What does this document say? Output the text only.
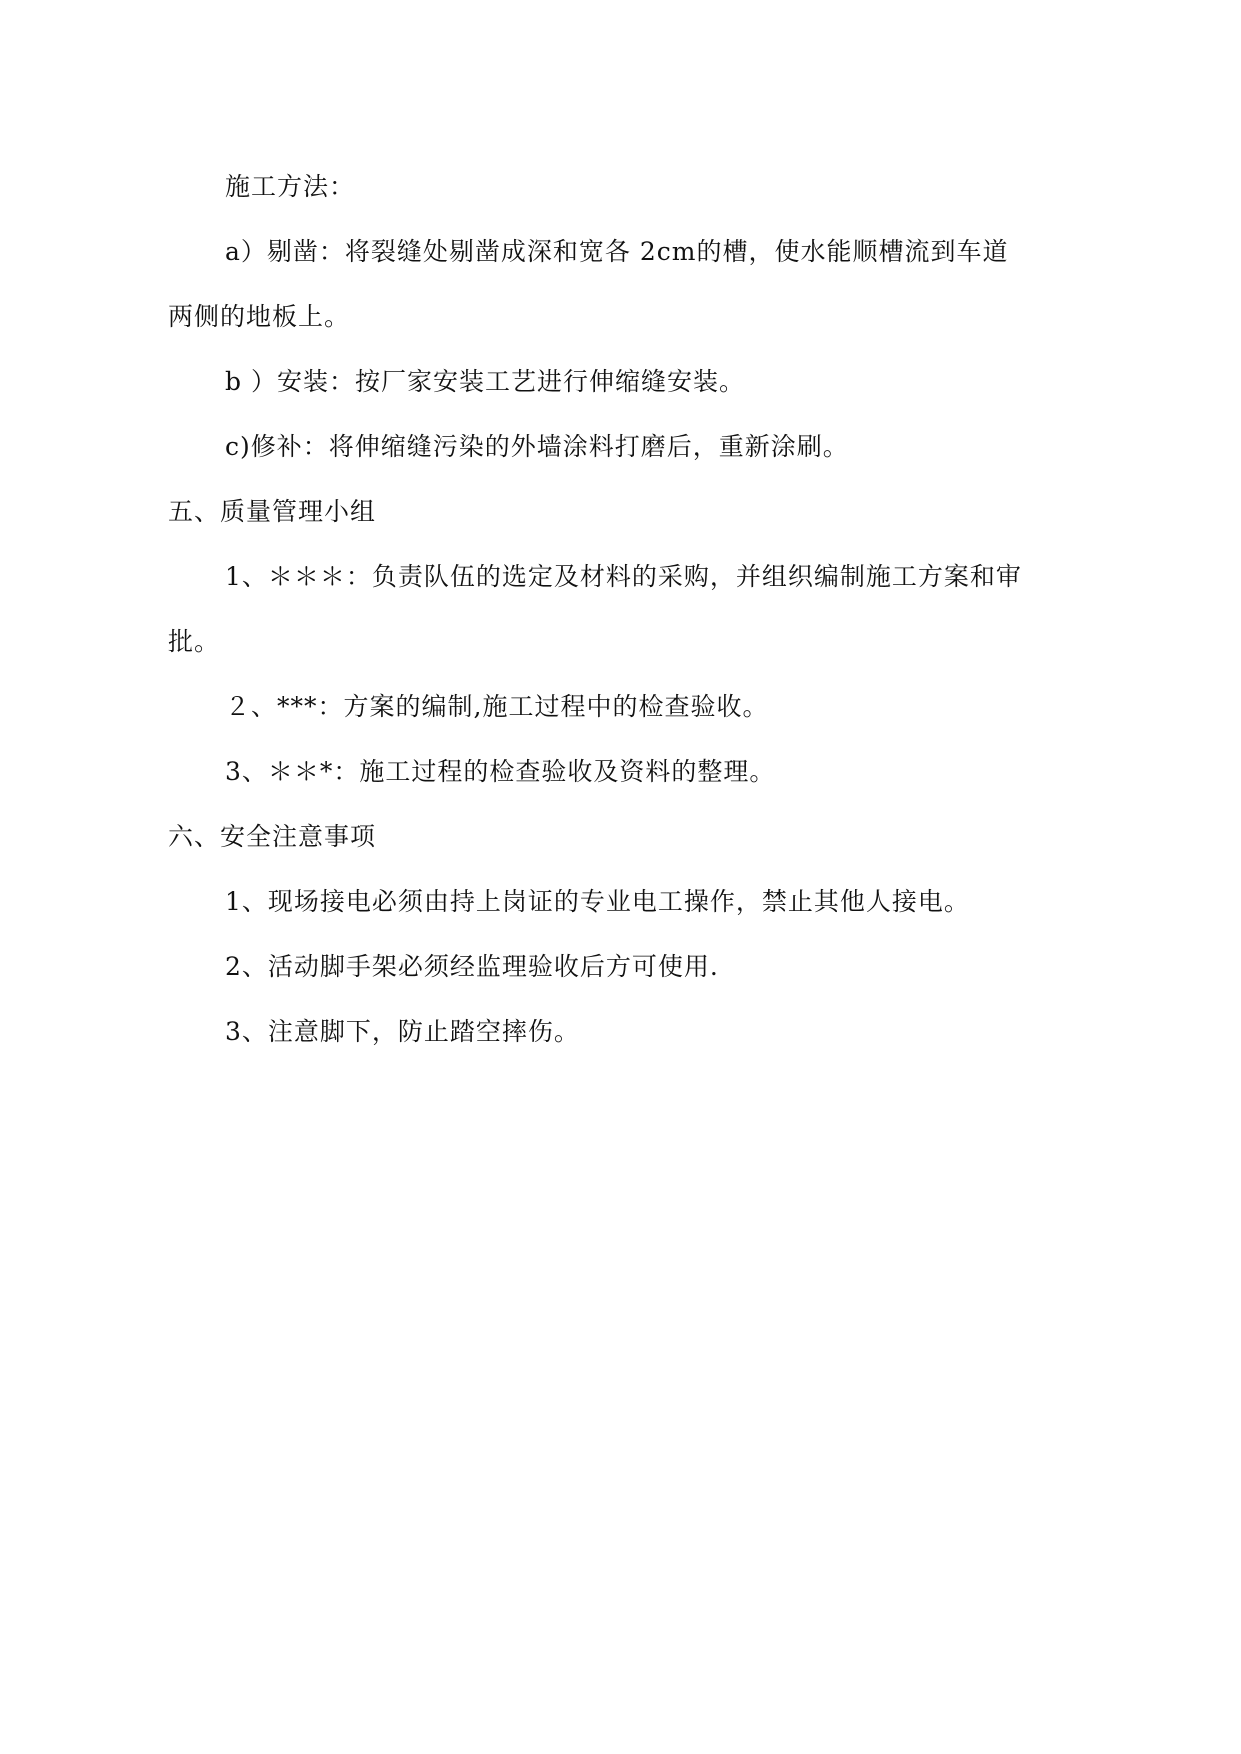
施工方法：
a）剔凿：将裂缝处剔凿成深和宽各 2cm的槽，使水能顺槽流到车道
两侧的地板上。
b ）安装：按厂家安装工艺进行伸缩缝安装。
c)修补：将伸缩缝污染的外墙涂料打磨后，重新涂刷。
五、质量管理小组
1、＊＊＊：负责队伍的选定及材料的采购，并组织编制施工方案和审
批。
２、***：方案的编制,施工过程中的检查验收。
3、＊＊*：施工过程的检查验收及资料的整理。
六、安全注意事项
1、现场接电必须由持上岗证的专业电工操作，禁止其他人接电。
2、活动脚手架必须经监理验收后方可使用.
3、注意脚下，防止踏空摔伤。
